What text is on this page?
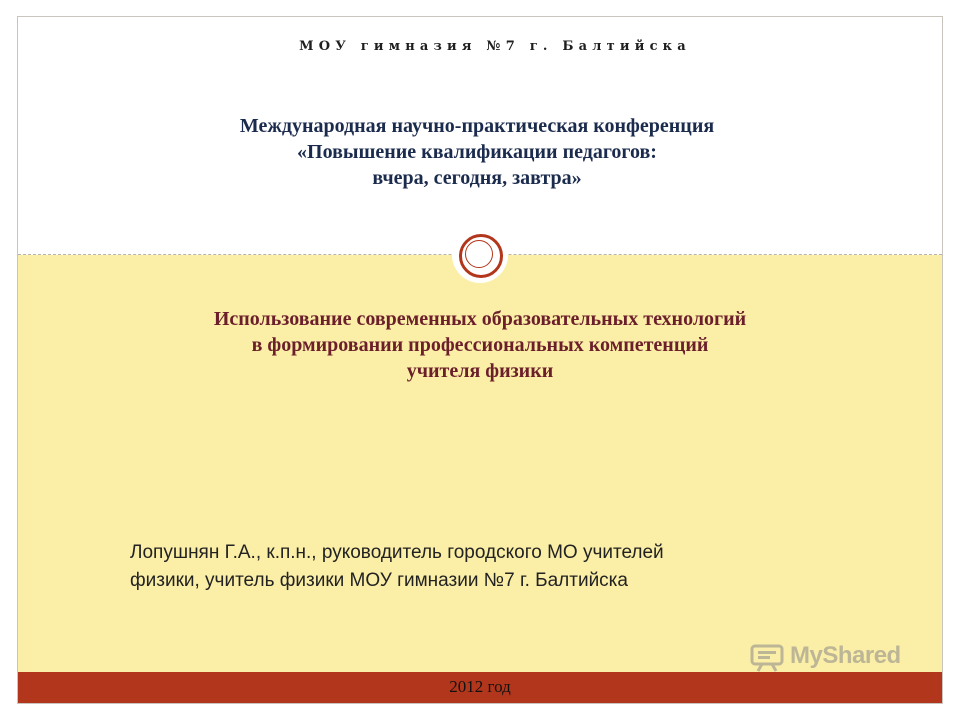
МОУ гимназия №7 г. Балтийска
Международная научно-практическая конференция
«Повышение квалификации педагогов:
вчера, сегодня, завтра»
Использование современных образовательных технологий
в формировании профессиональных компетенций
учителя физики
Лопушнян Г.А., к.п.н., руководитель городского МО учителей
физики, учитель физики МОУ гимназии №7 г. Балтийска
2012 год
MyShared
